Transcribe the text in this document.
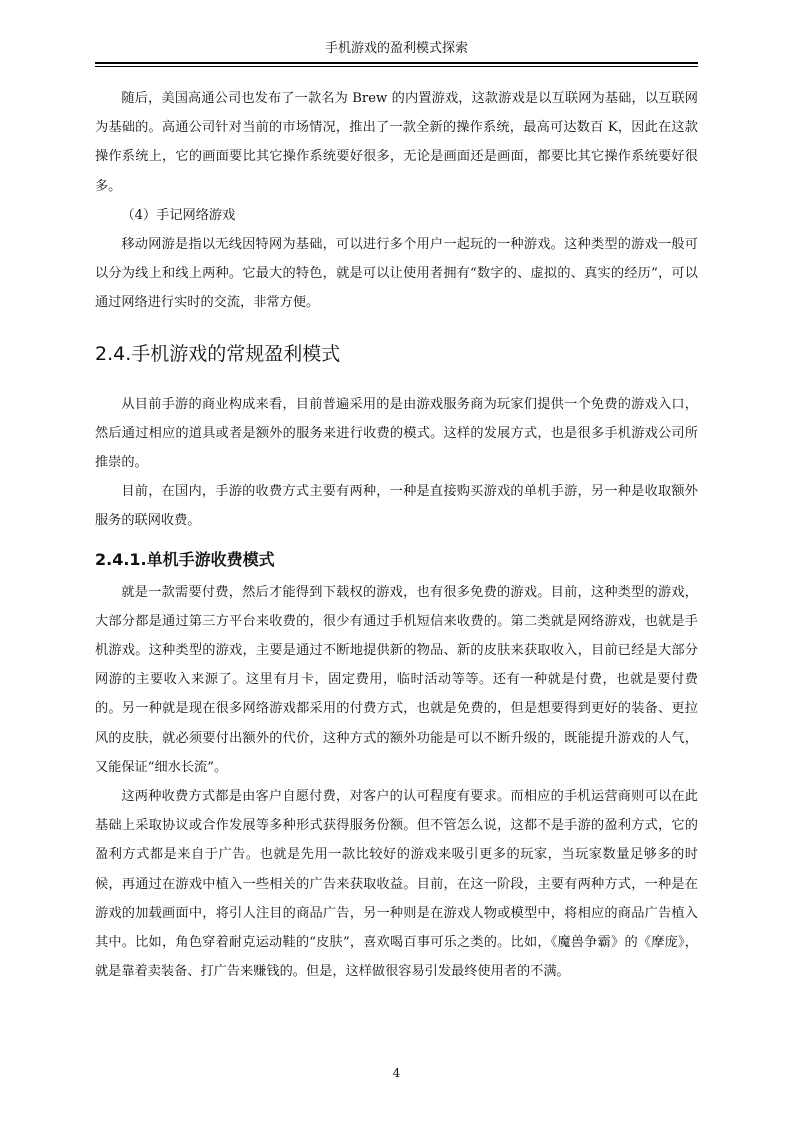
手机游戏的盈利模式探索

随后，美国高通公司也发布了一款名为 Brew 的内置游戏，这款游戏是以互联网为基础，以互联网为基础的。高通公司针对当前的市场情况，推出了一款全新的操作系统，最高可达数百 K，因此在这款操作系统上，它的画面要比其它操作系统要好很多，无论是画面还是画面，都要比其它操作系统要好很多。

（4）手记网络游戏

移动网游是指以无线因特网为基础，可以进行多个用户一起玩的一种游戏。这种类型的游戏一般可以分为线上和线上两种。它最大的特色，就是可以让使用者拥有“数字的、虚拟的、真实的经历”，可以通过网络进行实时的交流，非常方便。

2.4.手机游戏的常规盈利模式

从目前手游的商业构成来看，目前普遍采用的是由游戏服务商为玩家们提供一个免费的游戏入口，然后通过相应的道具或者是额外的服务来进行收费的模式。这样的发展方式，也是很多手机游戏公司所推崇的。

目前，在国内，手游的收费方式主要有两种，一种是直接购买游戏的单机手游，另一种是收取额外服务的联网收费。

2.4.1.单机手游收费模式

就是一款需要付费，然后才能得到下载权的游戏，也有很多免费的游戏。目前，这种类型的游戏，大部分都是通过第三方平台来收费的，很少有通过手机短信来收费的。第二类就是网络游戏，也就是手机游戏。这种类型的游戏，主要是通过不断地提供新的物品、新的皮肤来获取收入，目前已经是大部分网游的主要收入来源了。这里有月卡，固定费用，临时活动等等。还有一种就是付费，也就是要付费的。另一种就是现在很多网络游戏都采用的付费方式，也就是免费的，但是想要得到更好的装备、更拉风的皮肤，就必须要付出额外的代价，这种方式的额外功能是可以不断升级的，既能提升游戏的人气，又能保证“细水长流”。

这两种收费方式都是由客户自愿付费，对客户的认可程度有要求。而相应的手机运营商则可以在此基础上采取协议或合作发展等多种形式获得服务份额。但不管怎么说，这都不是手游的盈利方式，它的盈利方式都是来自于广告。也就是先用一款比较好的游戏来吸引更多的玩家，当玩家数量足够多的时候，再通过在游戏中植入一些相关的广告来获取收益。目前，在这一阶段，主要有两种方式，一种是在游戏的加载画面中，将引人注目的商品广告，另一种则是在游戏人物或模型中，将相应的商品广告植入其中。比如，角色穿着耐克运动鞋的“皮肤”，喜欢喝百事可乐之类的。比如，《魔兽争霸》的《摩庞》，就是靠着卖装备、打广告来赚钱的。但是，这样做很容易引发最终使用者的不满。

4
